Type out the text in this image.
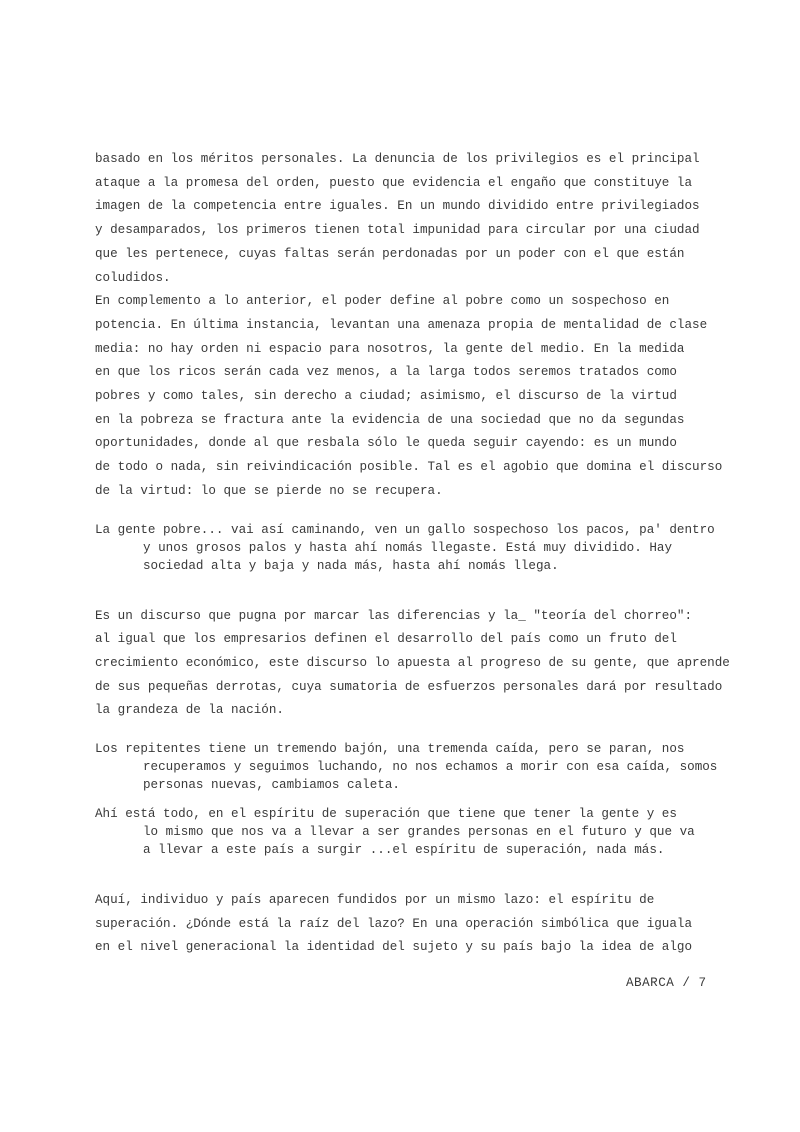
basado en los méritos personales. La denuncia de los privilegios es el principal
ataque a la promesa del orden, puesto que evidencia el engaño que constituye la
imagen de la competencia entre iguales. En un mundo dividido entre privilegiados
y desamparados, los primeros tienen total impunidad para circular por una ciudad
que les pertenece, cuyas faltas serán perdonadas por un poder con el que están
coludidos.
En complemento a lo anterior, el poder define al pobre como un sospechoso en
potencia. En última instancia, levantan una amenaza propia de mentalidad de clase
media: no hay orden ni espacio para nosotros, la gente del medio. En la medida
en que los ricos serán cada vez menos, a la larga todos seremos tratados como
pobres y como tales, sin derecho a ciudad; asimismo, el discurso de la virtud
en la pobreza se fractura ante la evidencia de una sociedad que no da segundas
oportunidades, donde al que resbala sólo le queda seguir cayendo: es un mundo
de todo o nada, sin reivindicación posible. Tal es el agobio que domina el discurso
de la virtud: lo que se pierde no se recupera.
La gente pobre... vai así caminando, ven un gallo sospechoso los pacos, pa' dentro
y unos grosos palos y hasta ahí nomás llegaste. Está muy dividido. Hay
sociedad alta y baja y nada más, hasta ahí nomás llega.
Es un discurso que pugna por marcar las diferencias y la_ "teoría del chorreo":
al igual que los empresarios definen el desarrollo del país como un fruto del
crecimiento económico, este discurso lo apuesta al progreso de su gente, que aprende
de sus pequeñas derrotas, cuya sumatoria de esfuerzos personales dará por resultado
la grandeza de la nación.
Los repitentes tiene un tremendo bajón, una tremenda caída, pero se paran, nos
recuperamos y seguimos luchando, no nos echamos a morir con esa caída, somos
personas nuevas, cambiamos caleta.
Ahí está todo, en el espíritu de superación que tiene que tener la gente y es
lo mismo que nos va a llevar a ser grandes personas en el futuro y que va
a llevar a este país a surgir ...el espíritu de superación, nada más.
Aquí, individuo y país aparecen fundidos por un mismo lazo: el espíritu de
superación. ¿Dónde está la raíz del lazo? En una operación simbólica que iguala
en el nivel generacional la identidad del sujeto y su país bajo la idea de algo
ABARCA / 7
